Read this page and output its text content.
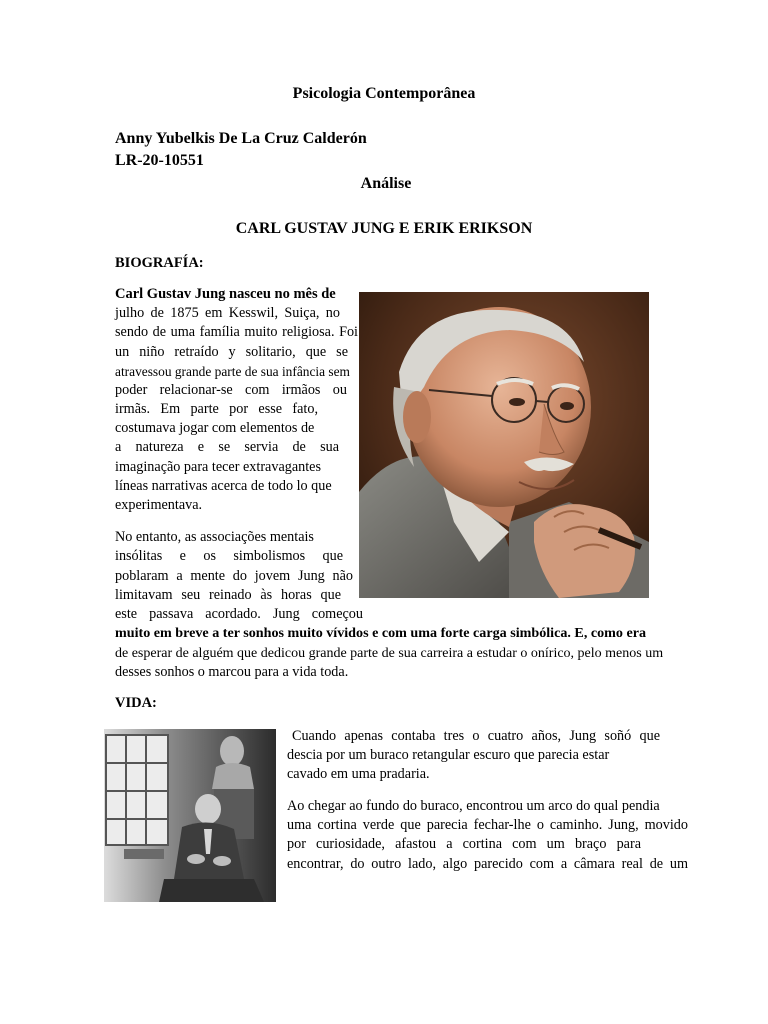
Psicologia Contemporânea
Anny Yubelkis De La Cruz Calderón
LR-20-10551
Análise
CARL GUSTAV JUNG E ERIK ERIKSON
BIOGRAFÍA:
Carl Gustav Jung nasceu no mês de
julho de 1875 em Kesswil, Suiça, no
sendo de uma família muito religiosa. Foi
un niño retraído y solitario, que se
atravessou grande parte de sua infância sem
poder relacionar-se com irmãos ou
irmãs. Em parte por esse fato,
costumava jogar com elementos de
a natureza e se servia de sua
imaginação para tecer extravagantes
líneas narrativas acerca de todo lo que
experimentava.
No entanto, as associações mentais
insólitas e os simbolismos que
poblaram a mente do jovem Jung não
limitavam seu reinado às horas que
este passava acordado. Jung começou
muito em breve a ter sonhos muito vívidos e com uma forte carga simbólica. E, como era
de esperar de alguém que dedicou grande parte de sua carreira a estudar o onírico, pelo menos um
desses sonhos o marcou para a vida toda.
VIDA:
Cuando apenas contaba tres o cuatro años, Jung soñó que
descia por um buraco retangular escuro que parecia estar
cavado em uma pradaria.
Ao chegar ao fundo do buraco, encontrou um arco do qual pendia
uma cortina verde que parecia fechar-lhe o caminho. Jung, movido
por curiosidade, afastou a cortina com um braço para
encontrar, do outro lado, algo parecido com a câmara real de um
